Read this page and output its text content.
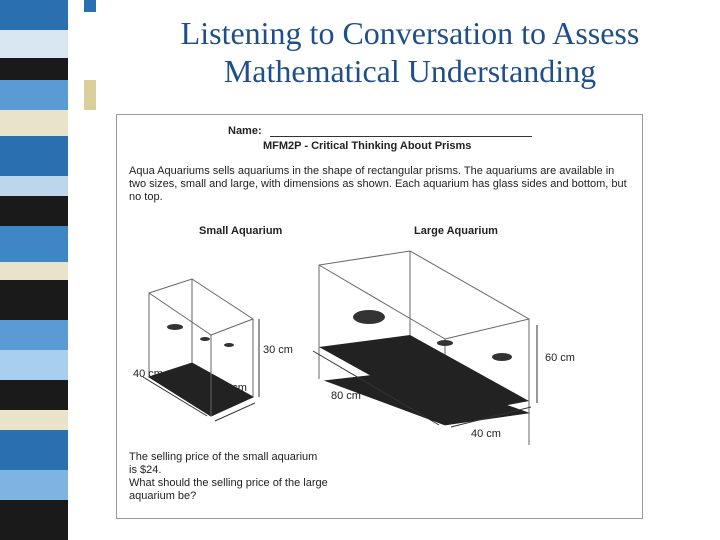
Listening to Conversation to Assess
Mathematical Understanding
Name:
MFM2P - Critical Thinking About Prisms
Aqua Aquariums sells aquariums in the shape of rectangular prisms. The aquariums are available in two sizes, small and large, with dimensions as shown. Each aquarium has glass sides and bottom, but no top.
Small Aquarium	Large Aquarium
30 cm
40 cm
20 cm
60 cm
80 cm
40 cm
The selling price of the small aquarium
is $24.
What should the selling price of the large
aquarium be?
